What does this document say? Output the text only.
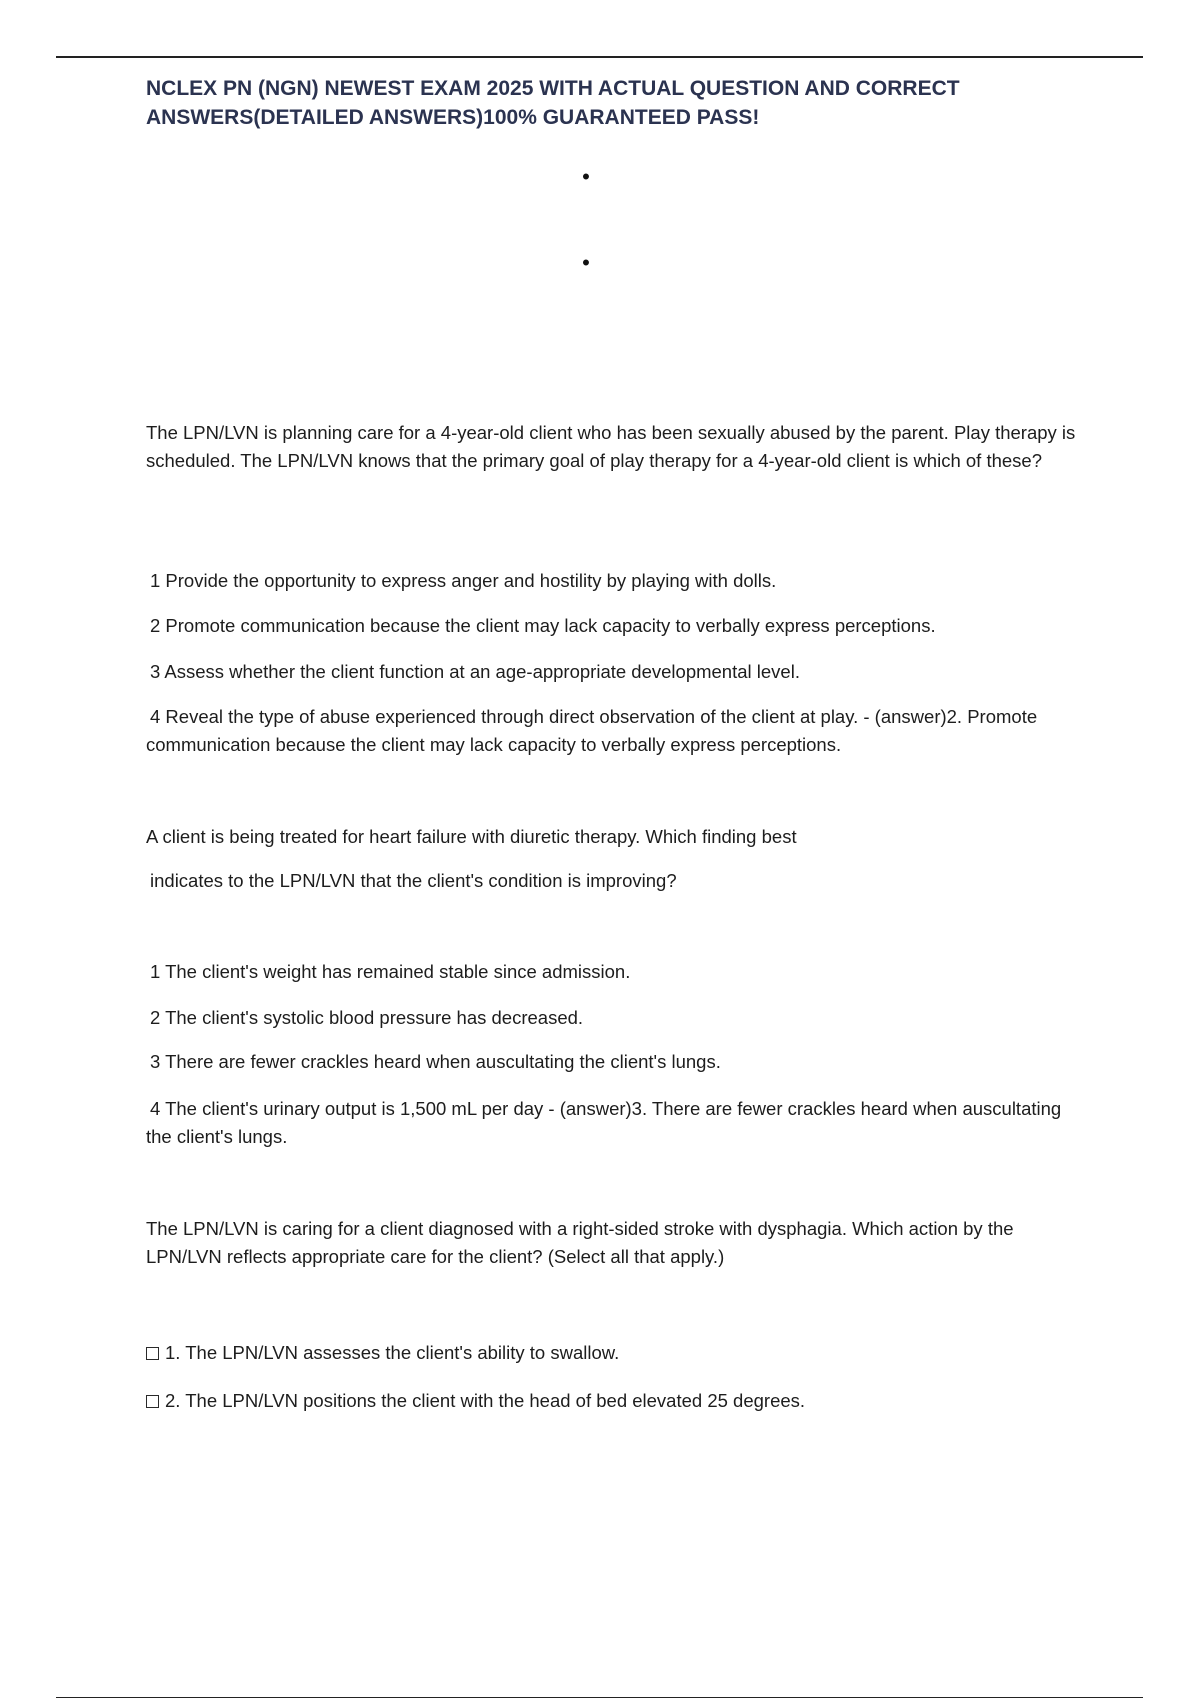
NCLEX PN (NGN) NEWEST EXAM 2025 WITH ACTUAL QUESTION AND CORRECT ANSWERS(DETAILED ANSWERS)100% GUARANTEED PASS!
•
•
The LPN/LVN is planning care for a 4-year-old client who has been sexually abused by the parent. Play therapy is scheduled. The LPN/LVN knows that the primary goal of play therapy for a 4-year-old client is which of these?
1 Provide the opportunity to express anger and hostility by playing with dolls.
2 Promote communication because the client may lack capacity to verbally express perceptions.
3 Assess whether the client function at an age-appropriate developmental level.
4 Reveal the type of abuse experienced through direct observation of the client at play. - (answer)2. Promote communication because the client may lack capacity to verbally express perceptions.
A client is being treated for heart failure with diuretic therapy. Which finding best
indicates to the LPN/LVN that the client's condition is improving?
1 The client's weight has remained stable since admission.
2 The client's systolic blood pressure has decreased.
3 There are fewer crackles heard when auscultating the client's lungs.
4 The client's urinary output is 1,500 mL per day - (answer)3. There are fewer crackles heard when auscultating the client's lungs.
The LPN/LVN is caring for a client diagnosed with a right-sided stroke with dysphagia. Which action by the LPN/LVN reflects appropriate care for the client? (Select all that apply.)
1. The LPN/LVN assesses the client's ability to swallow.
2. The LPN/LVN positions the client with the head of bed elevated 25 degrees.
